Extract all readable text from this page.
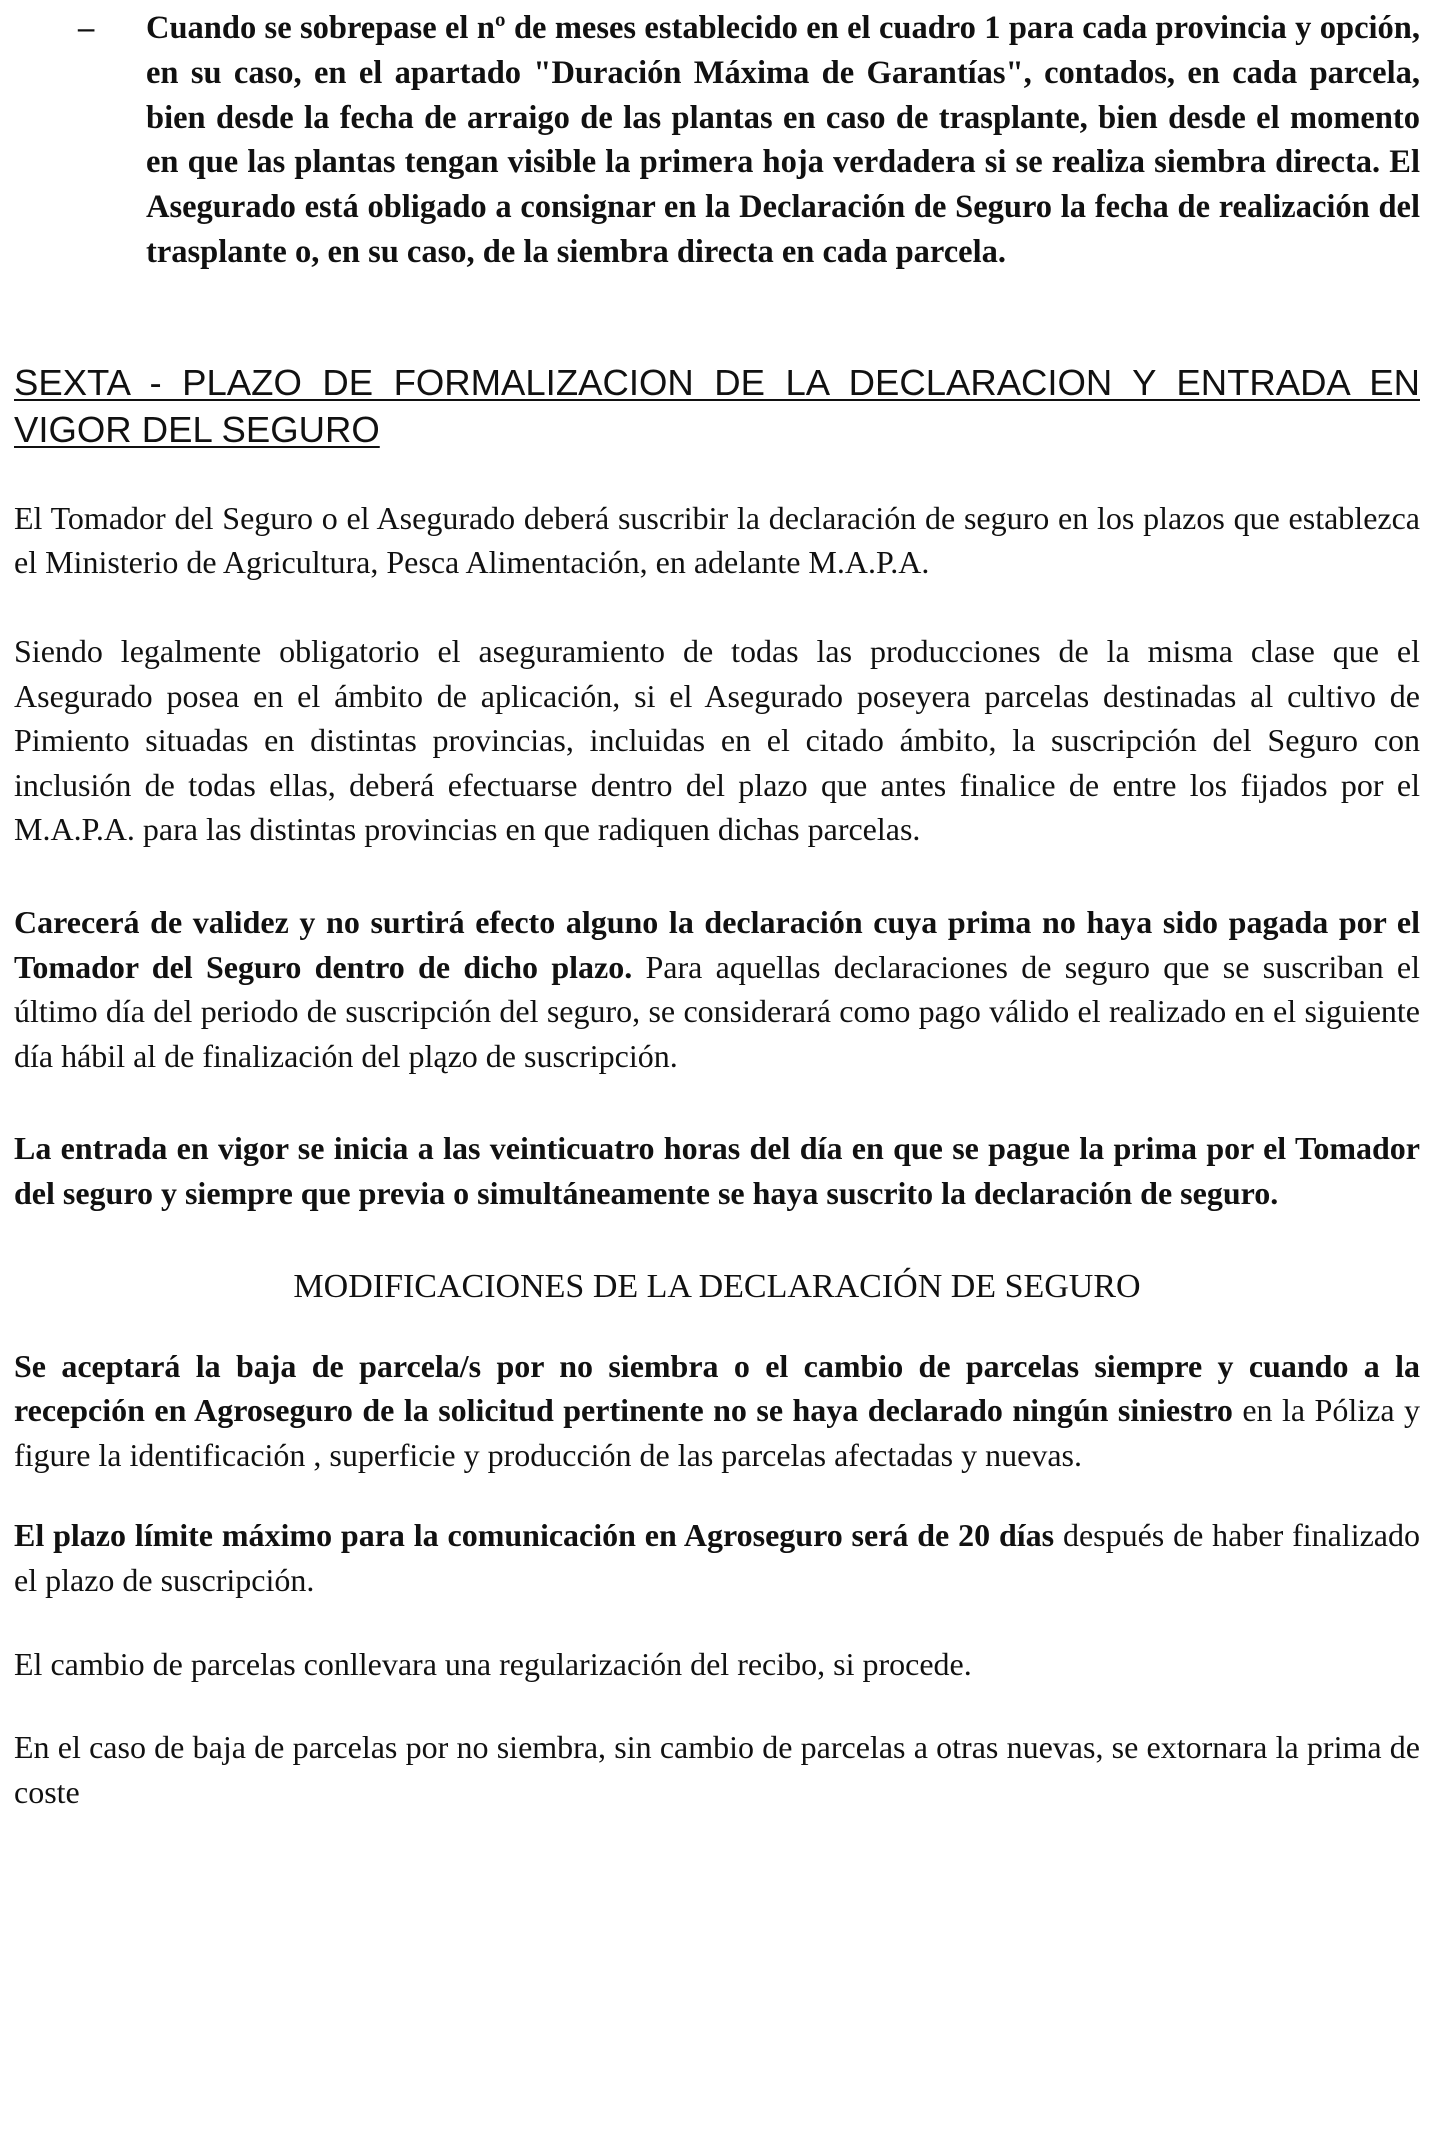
– Cuando se sobrepase el nº de meses establecido en el cuadro 1 para cada provincia y opción, en su caso, en el apartado "Duración Máxima de Garantías", contados, en cada parcela, bien desde la fecha de arraigo de las plantas en caso de trasplante, bien desde el momento en que las plantas tengan visible la primera hoja verdadera si se realiza siembra directa. El Asegurado está obligado a consignar en la Declaración de Seguro la fecha de realización del trasplante o, en su caso, de la siembra directa en cada parcela.
SEXTA - PLAZO DE FORMALIZACION DE LA DECLARACION Y ENTRADA EN VIGOR DEL SEGURO

El Tomador del Seguro o el Asegurado deberá suscribir la declaración de seguro en los plazos que establezca el Ministerio de Agricultura, Pesca Alimentación, en adelante M.A.P.A.

Siendo legalmente obligatorio el aseguramiento de todas las producciones de la misma clase que el Asegurado posea en el ámbito de aplicación, si el Asegurado poseyera parcelas destinadas al cultivo de Pimiento situadas en distintas provincias, incluidas en el citado ámbito, la suscripción del Seguro con inclusión de todas ellas, deberá efectuarse dentro del plazo que antes finalice de entre los fijados por el M.A.P.A. para las distintas provincias en que radiquen dichas parcelas.

Carecerá de validez y no surtirá efecto alguno la declaración cuya prima no haya sido pagada por el Tomador del Seguro dentro de dicho plazo. Para aquellas declaraciones de seguro que se suscriban el último día del periodo de suscripción del seguro, se considerará como pago válido el realizado en el siguiente día hábil al de finalización del plązo de suscripción.

La entrada en vigor se inicia a las veinticuatro horas del día en que se pague la prima por el Tomador del seguro y siempre que previa o simultáneamente se haya suscrito la declaración de seguro.

MODIFICACIONES DE LA DECLARACIÓN DE SEGURO

Se aceptará la baja de parcela/s por no siembra o el cambio de parcelas siempre y cuando a la recepción en Agroseguro de la solicitud pertinente no se haya declarado ningún siniestro en la Póliza y figure la identificación , superficie y producción de las parcelas afectadas y nuevas.

El plazo límite máximo para la comunicación en Agroseguro será de 20 días después de haber finalizado el plazo de suscripción.

El cambio de parcelas conllevara una regularización del recibo, si procede.

En el caso de baja de parcelas por no siembra, sin cambio de parcelas a otras nuevas, se extornara la prima de coste
